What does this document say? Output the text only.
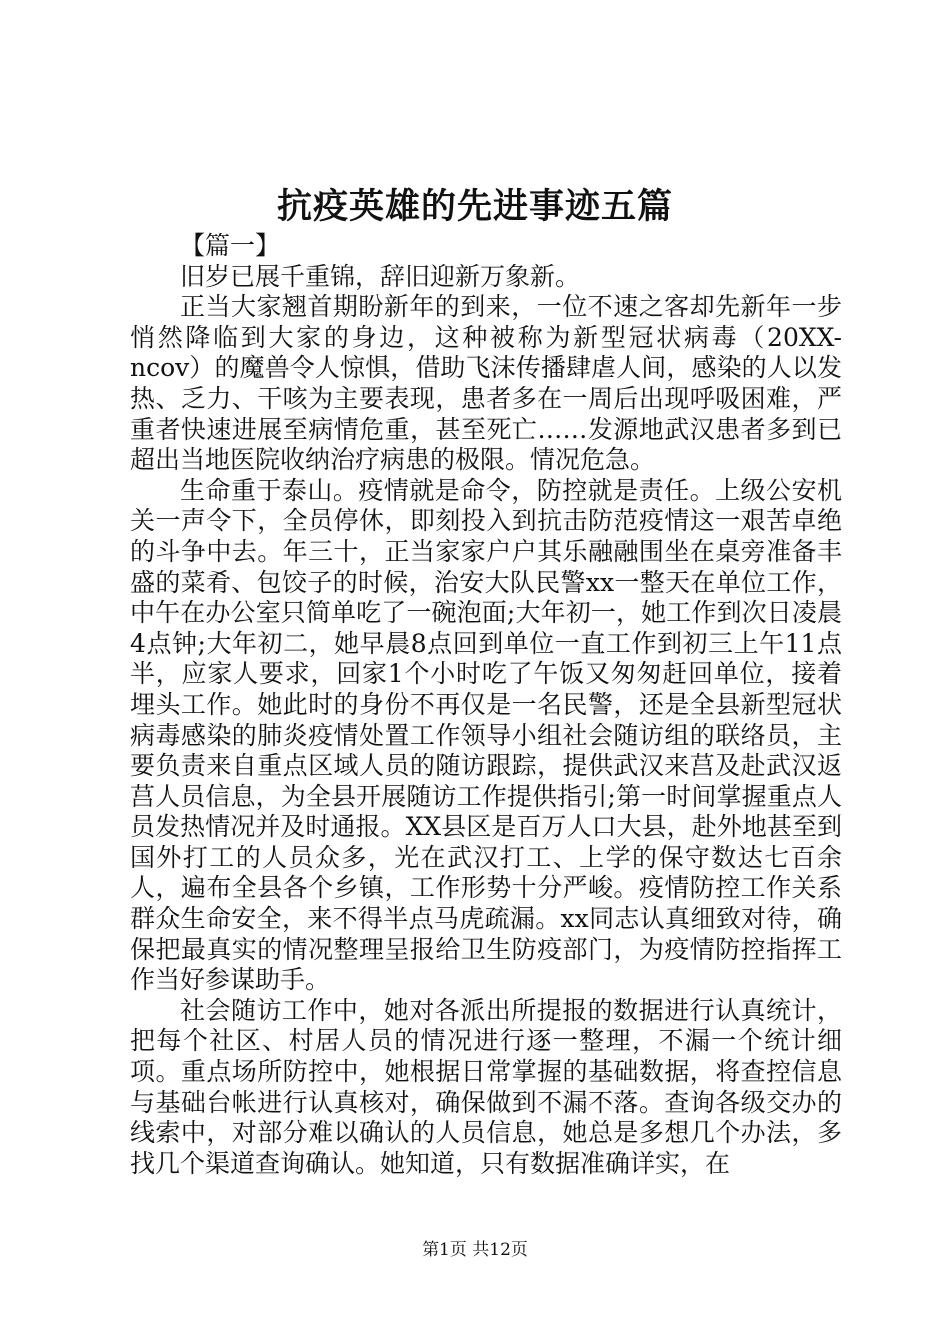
抗疫英雄的先进事迹五篇

【篇一】

旧岁已展千重锦，辞旧迎新万象新。

正当大家翘首期盼新年的到来，一位不速之客却先新年一步悄然降临到大家的身边，这种被称为新型冠状病毒（20XX-ncov）的魔兽令人惊惧，借助飞沫传播肆虐人间，感染的人以发热、乏力、干咳为主要表现，患者多在一周后出现呼吸困难，严重者快速进展至病情危重，甚至死亡……发源地武汉患者多到已超出当地医院收纳治疗病患的极限。情况危急。

生命重于泰山。疫情就是命令，防控就是责任。上级公安机关一声令下，全员停休，即刻投入到抗击防范疫情这一艰苦卓绝的斗争中去。年三十，正当家家户户其乐融融围坐在桌旁准备丰盛的菜肴、包饺子的时候，治安大队民警xx一整天在单位工作，中午在办公室只简单吃了一碗泡面;大年初一，她工作到次日凌晨4点钟;大年初二，她早晨8点回到单位一直工作到初三上午11点半，应家人要求，回家1个小时吃了午饭又匆匆赶回单位，接着埋头工作。她此时的身份不再仅是一名民警，还是全县新型冠状病毒感染的肺炎疫情处置工作领导小组社会随访组的联络员，主要负责来自重点区域人员的随访跟踪，提供武汉来莒及赴武汉返莒人员信息，为全县开展随访工作提供指引;第一时间掌握重点人员发热情况并及时通报。XX县区是百万人口大县，赴外地甚至到国外打工的人员众多，光在武汉打工、上学的保守数达七百余人，遍布全县各个乡镇，工作形势十分严峻。疫情防控工作关系群众生命安全，来不得半点马虎疏漏。xx同志认真细致对待，确保把最真实的情况整理呈报给卫生防疫部门，为疫情防控指挥工作当好参谋助手。

社会随访工作中，她对各派出所提报的数据进行认真统计，把每个社区、村居人员的情况进行逐一整理，不漏一个统计细项。重点场所防控中，她根据日常掌握的基础数据，将查控信息与基础台帐进行认真核对，确保做到不漏不落。查询各级交办的线索中，对部分难以确认的人员信息，她总是多想几个办法，多找几个渠道查询确认。她知道，只有数据准确详实，在

第1页 共12页
